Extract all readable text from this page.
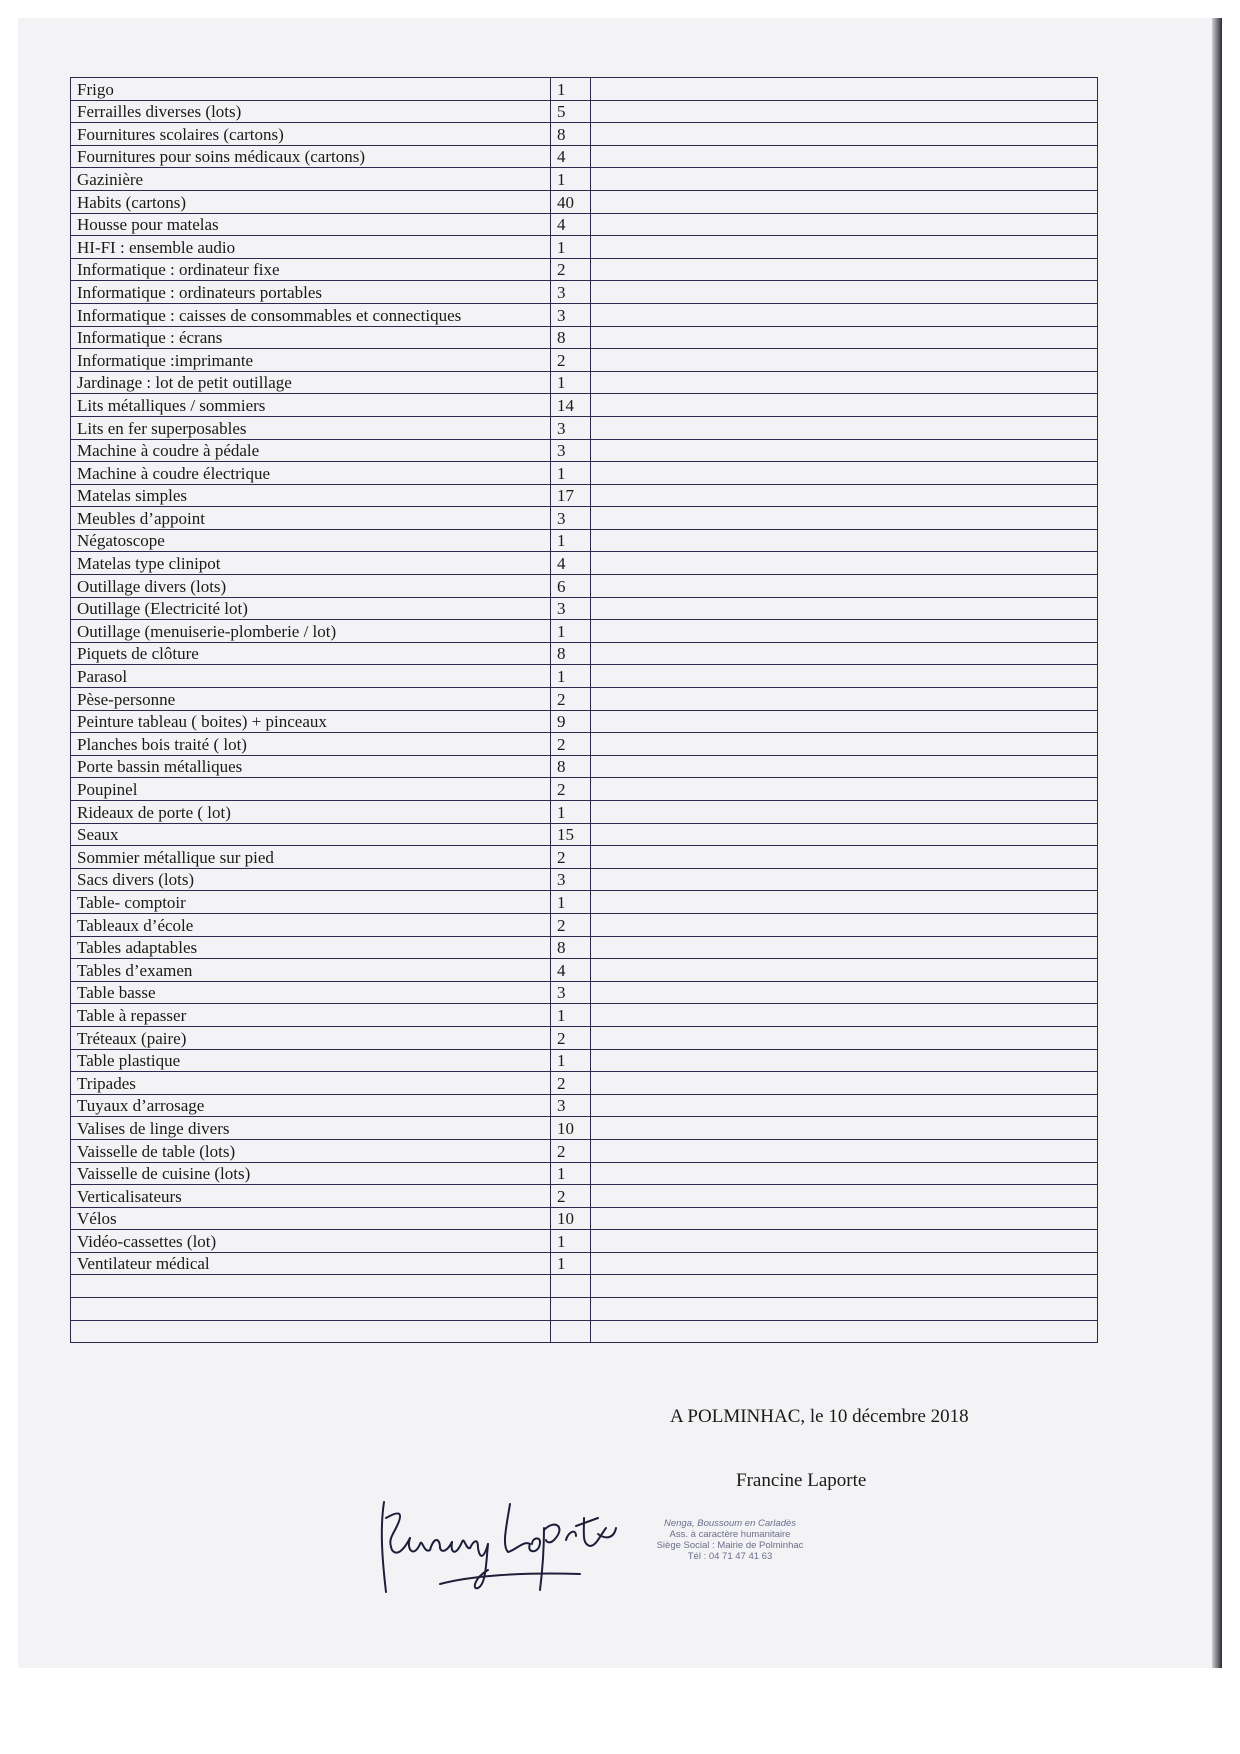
Frigo	1	
Ferrailles diverses (lots)	5	
Fournitures scolaires (cartons)	8	
Fournitures pour soins médicaux (cartons)	4	
Gazinière	1	
Habits (cartons)	40	
Housse pour matelas	4	
HI-FI : ensemble audio	1	
Informatique : ordinateur fixe	2	
Informatique : ordinateurs portables	3	
Informatique : caisses de consommables et connectiques	3	
Informatique : écrans	8	
Informatique :imprimante	2	
Jardinage : lot de petit outillage	1	
Lits métalliques / sommiers	14	
Lits en fer superposables	3	
Machine à coudre à pédale	3	
Machine à coudre électrique	1	
Matelas simples	17	
Meubles d’appoint	3	
Négatoscope	1	
Matelas type clinipot	4	
Outillage divers (lots)	6	
Outillage (Electricité lot)	3	
Outillage (menuiserie-plomberie / lot)	1	
Piquets de clôture	8	
Parasol	1	
Pèse-personne	2	
Peinture tableau ( boites) + pinceaux	9	
Planches bois traité ( lot)	2	
Porte bassin métalliques	8	
Poupinel	2	
Rideaux de porte ( lot)	1	
Seaux	15	
Sommier métallique sur pied	2	
Sacs divers (lots)	3	
Table- comptoir	1	
Tableaux d’école	2	
Tables adaptables	8	
Tables d’examen	4	
Table basse	3	
Table à repasser	1	
Tréteaux (paire)	2	
Table plastique	1	
Tripades	2	
Tuyaux d’arrosage	3	
Valises de linge divers	10	
Vaisselle de table (lots)	2	
Vaisselle de cuisine (lots)	1	
Verticalisateurs	2	
Vélos	10	
Vidéo-cassettes (lot)	1	
Ventilateur médical	1	

A POLMINHAC, le 10 décembre 2018
Francine Laporte
Nenga, Boussoum en Carladès
Ass. à caractère humanitaire
Siège Social : Mairie de Polminhac
Tél : 04 71 47 41 63
